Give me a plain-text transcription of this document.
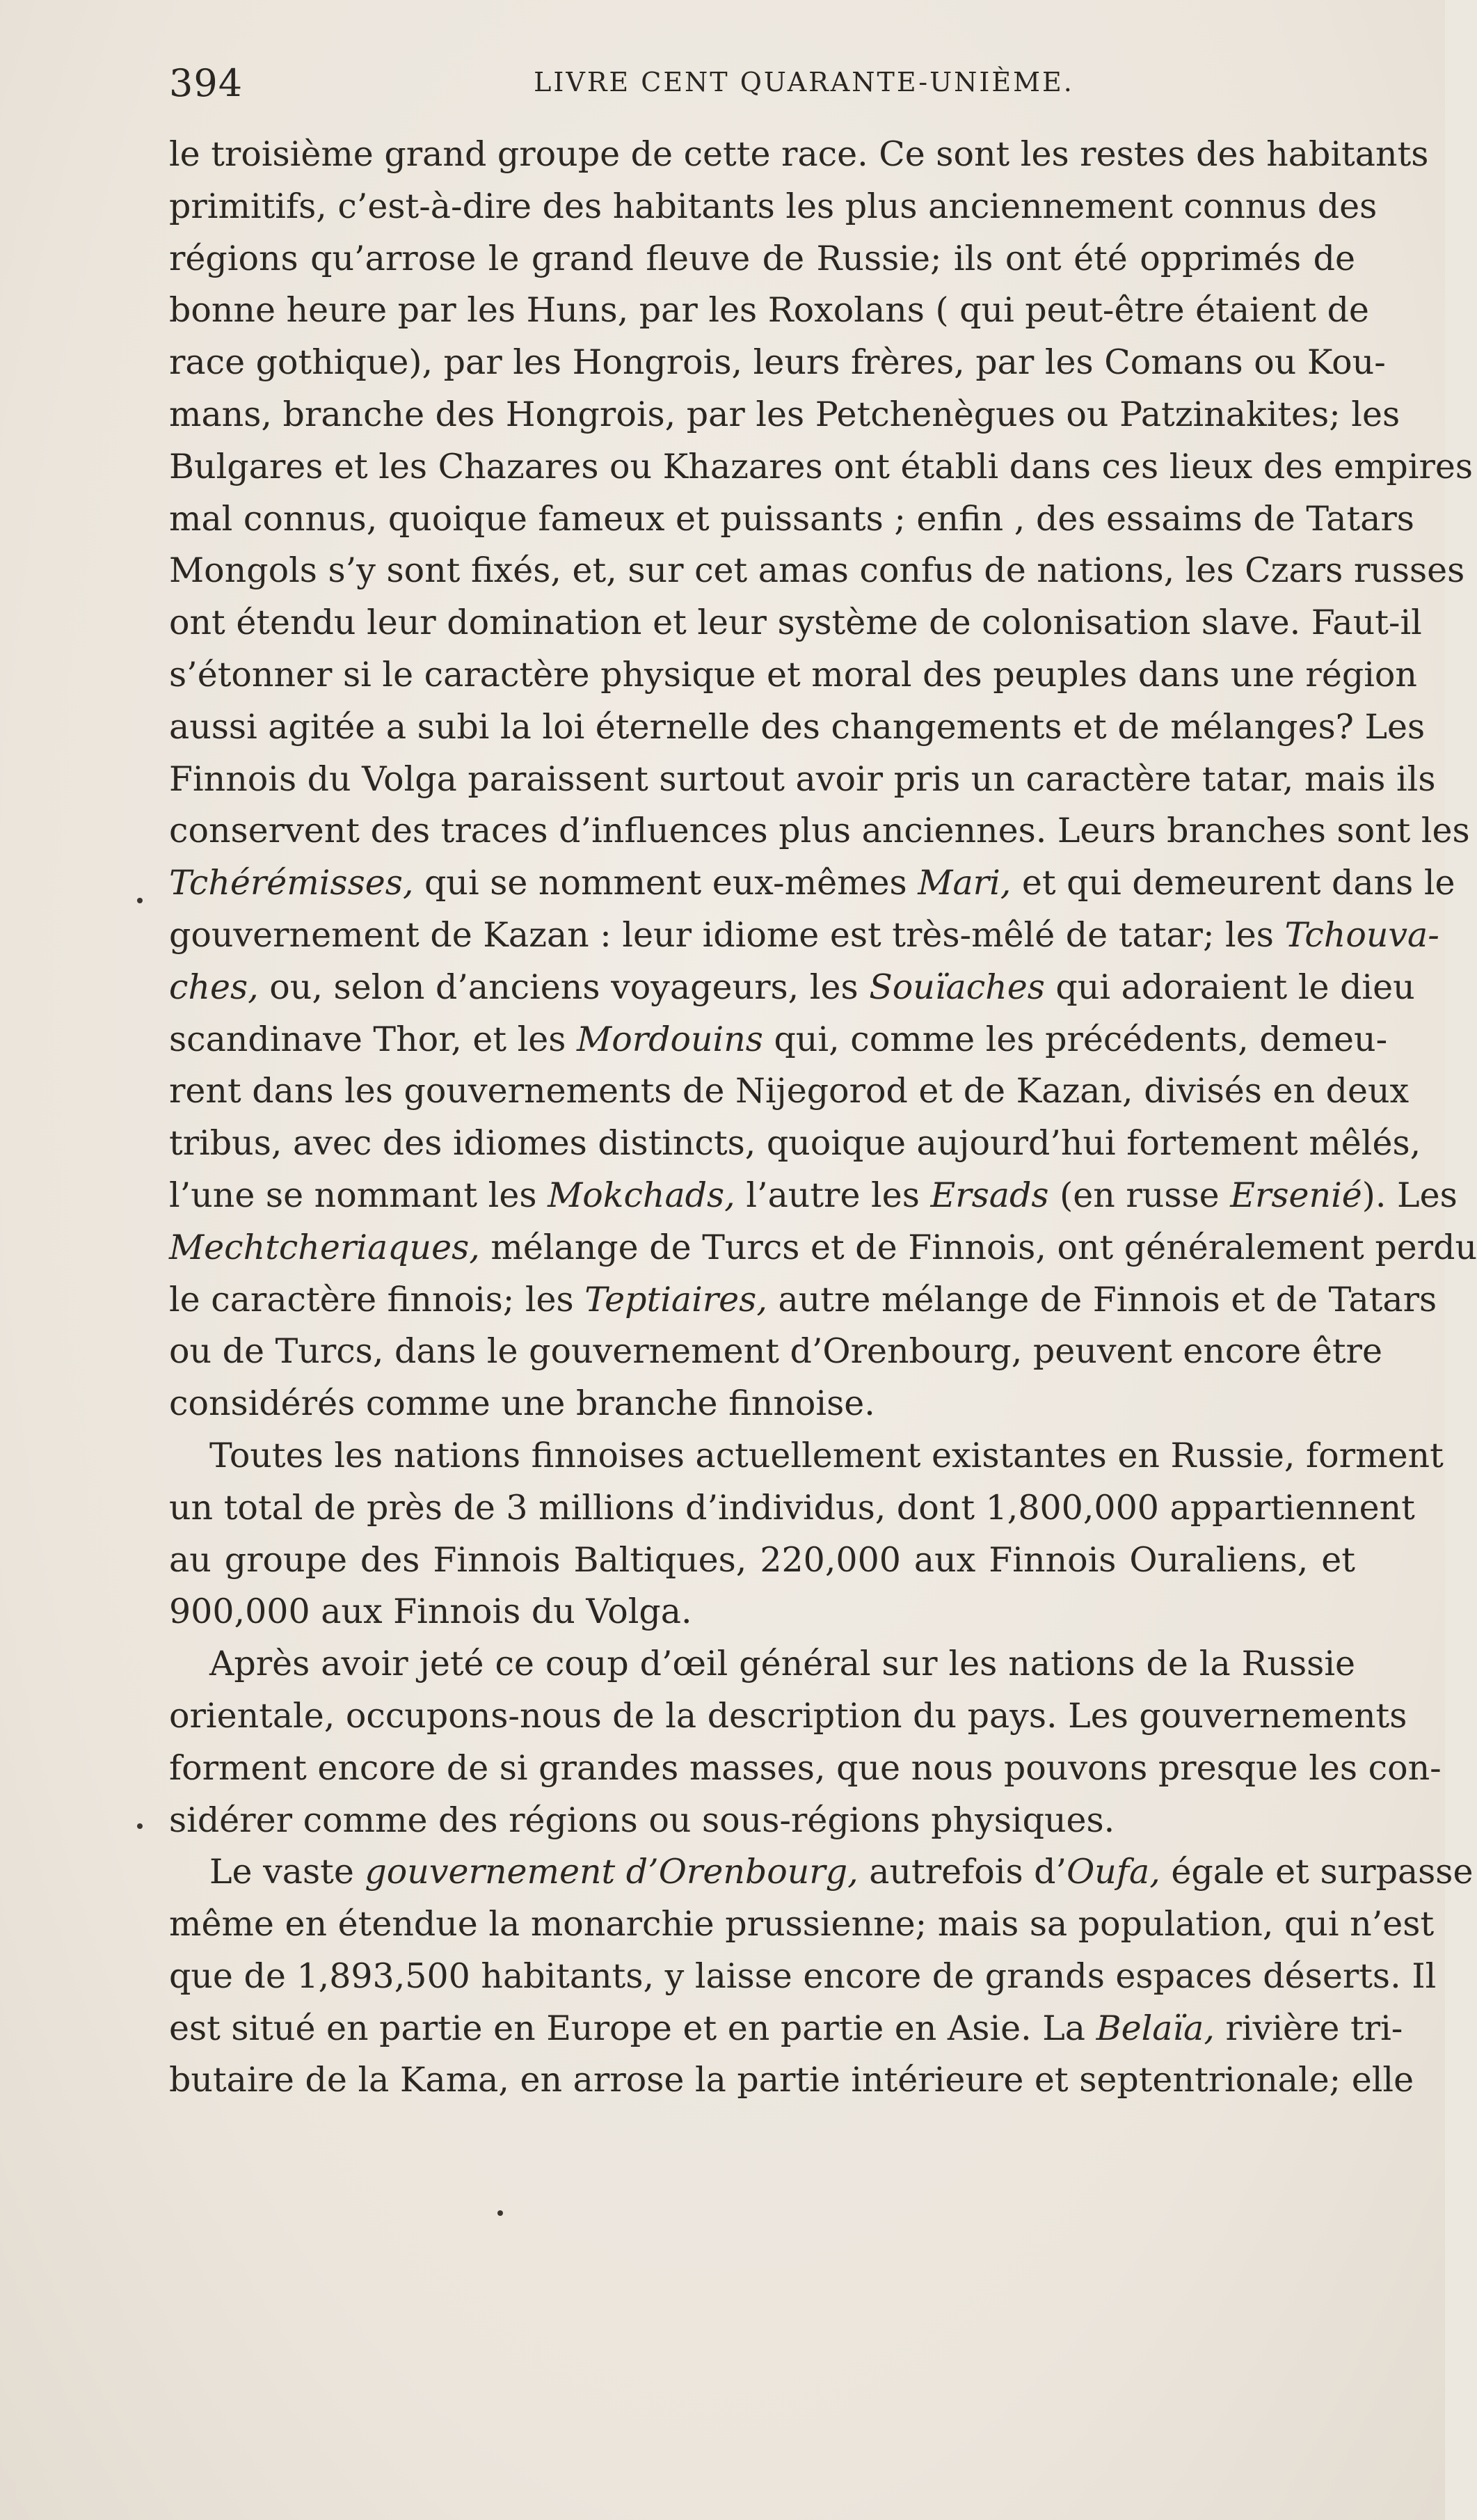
394	LIVRE CENT QUARANTE-UNIÈME.
le troisième grand groupe de cette race. Ce sont les restes des habitants
primitifs, c’est-à-dire des habitants les plus anciennement connus des
régions qu’arrose le grand fleuve de Russie; ils ont été opprimés de
bonne heure par les Huns, par les Roxolans ( qui peut-être étaient de
race gothique), par les Hongrois, leurs frères, par les Comans ou Kou-
mans, branche des Hongrois, par les Petchenègues ou Patzinakites; les
Bulgares et les Chazares ou Khazares ont établi dans ces lieux des empires
mal connus, quoique fameux et puissants ; enfin , des essaims de Tatars
Mongols s’y sont fixés, et, sur cet amas confus de nations, les Czars russes
ont étendu leur domination et leur système de colonisation slave. Faut-il
s’étonner si le caractère physique et moral des peuples dans une région
aussi agitée a subi la loi éternelle des changements et de mélanges? Les
Finnois du Volga paraissent surtout avoir pris un caractère tatar, mais ils
conservent des traces d’influences plus anciennes. Leurs branches sont les
Tchérémisses, qui se nomment eux-mêmes Mari, et qui demeurent dans le
gouvernement de Kazan : leur idiome est très-mêlé de tatar; les Tchouva-
ches, ou, selon d’anciens voyageurs, les Souïaches qui adoraient le dieu
scandinave Thor, et les Mordouins qui, comme les précédents, demeu-
rent dans les gouvernements de Nijegorod et de Kazan, divisés en deux
tribus, avec des idiomes distincts, quoique aujourd’hui fortement mêlés,
l’une se nommant les Mokchads, l’autre les Ersads (en russe Ersenié). Les
Mechtcheriaques, mélange de Turcs et de Finnois, ont généralement perdu
le caractère finnois; les Teptiaires, autre mélange de Finnois et de Tatars
ou de Turcs, dans le gouvernement d’Orenbourg, peuvent encore être
considérés comme une branche finnoise.
Toutes les nations finnoises actuellement existantes en Russie, forment
un total de près de 3 millions d’individus, dont 1,800,000 appartiennent
au groupe des Finnois Baltiques, 220,000 aux Finnois Ouraliens, et
900,000 aux Finnois du Volga.
Après avoir jeté ce coup d’œil général sur les nations de la Russie
orientale, occupons-nous de la description du pays. Les gouvernements
forment encore de si grandes masses, que nous pouvons presque les con-
sidérer comme des régions ou sous-régions physiques.
Le vaste gouvernement d’Orenbourg, autrefois d’Oufa, égale et surpasse
même en étendue la monarchie prussienne; mais sa population, qui n’est
que de 1,893,500 habitants, y laisse encore de grands espaces déserts. Il
est situé en partie en Europe et en partie en Asie. La Belaïa, rivière tri-
butaire de la Kama, en arrose la partie intérieure et septentrionale; elle
